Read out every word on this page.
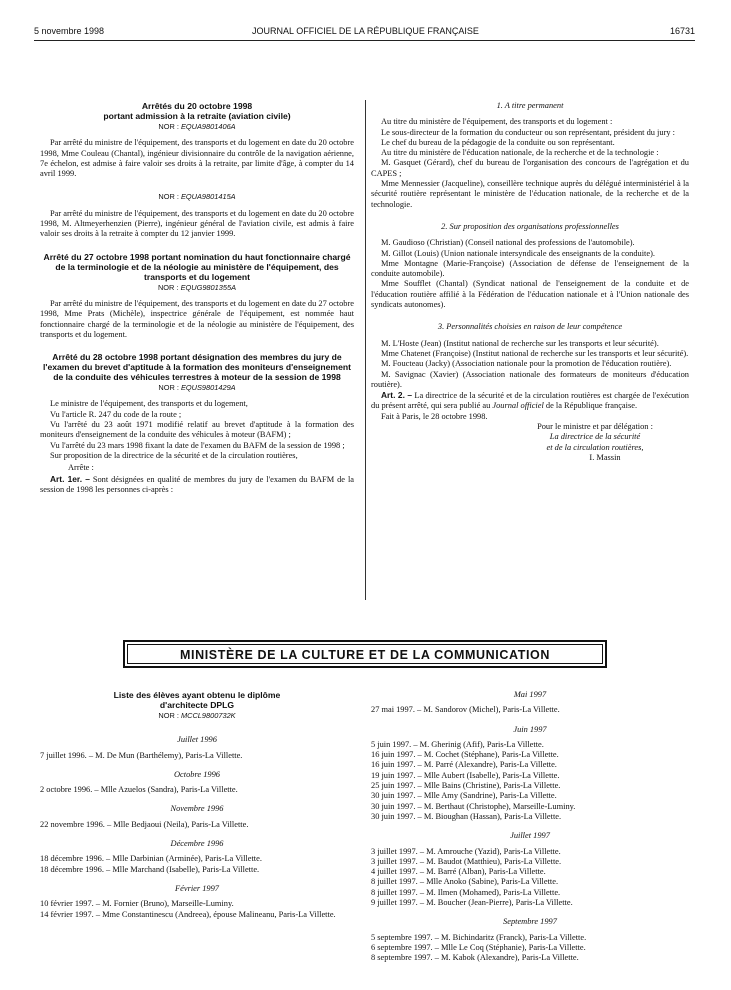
5 novembre 1998	JOURNAL OFFICIEL DE LA RÉPUBLIQUE FRANÇAISE	16731
Arrêtés du 20 octobre 1998
portant admission à la retraite (aviation civile)
NOR : EQUA9801406A

Par arrêté du ministre de l'équipement, des transports et du logement en date du 20 octobre 1998, Mme Couleau (Chantal), ingénieur divisionnaire du contrôle de la navigation aérienne, 7e échelon, est admise à faire valoir ses droits à la retraite, par limite d'âge, à compter du 14 avril 1999.

NOR : EQUA9801415A

Par arrêté du ministre de l'équipement, des transports et du logement en date du 20 octobre 1998, M. Altmeyerhenzien (Pierre), ingénieur général de l'aviation civile, est admis à faire valoir ses droits à la retraite à compter du 12 janvier 1999.

Arrêté du 27 octobre 1998 portant nomination du haut fonctionnaire chargé de la terminologie et de la néologie au ministère de l'équipement, des transports et du logement
NOR : EQUG9801355A

Par arrêté du ministre de l'équipement, des transports et du logement en date du 27 octobre 1998, Mme Prats (Michèle), inspectrice générale de l'équipement, est nommée haut fonctionnaire chargé de la terminologie et de la néologie au ministère de l'équipement, des transports et du logement.

Arrêté du 28 octobre 1998 portant désignation des membres du jury de l'examen du brevet d'aptitude à la formation des moniteurs d'enseignement de la conduite des véhicules terrestres à moteur de la session de 1998
NOR : EQUS9801429A

Le ministre de l'équipement, des transports et du logement,

Vu l'article R. 247 du code de la route ;

Vu l'arrêté du 23 août 1971 modifié relatif au brevet d'aptitude à la formation des moniteurs d'enseignement de la conduite des véhicules à moteur (BAFM) ;

Vu l'arrêté du 23 mars 1998 fixant la date de l'examen du BAFM de la session de 1998 ;

Sur proposition de la directrice de la sécurité et de la circulation routières,

Arrête :

Art. 1er. – Sont désignées en qualité de membres du jury de l'examen du BAFM de la session de 1998 les personnes ci-après :

1. A titre permanent

Au titre du ministère de l'équipement, des transports et du logement :

Le sous-directeur de la formation du conducteur ou son représentant, président du jury :

Le chef du bureau de la pédagogie de la conduite ou son représentant.

Au titre du ministère de l'éducation nationale, de la recherche et de la technologie :

M. Gasquet (Gérard), chef du bureau de l'organisation des concours de l'agrégation et du CAPES ;

Mme Mennessier (Jacqueline), conseillère technique auprès du délégué interministériel à la sécurité routière représentant le ministère de l'éducation nationale, de la recherche et de la technologie.

2. Sur proposition des organisations professionnelles

M. Gaudioso (Christian) (Conseil national des professions de l'automobile).

M. Gillot (Louis) (Union nationale intersyndicale des enseignants de la conduite).

Mme Montagne (Marie-Françoise) (Association de défense de l'enseignement de la conduite automobile).

Mme Soufflet (Chantal) (Syndicat national de l'enseignement de la conduite et de l'éducation routière affilié à la Fédération de l'éducation nationale et à l'Union nationale des syndicats autonomes).

3. Personnalités choisies en raison de leur compétence

M. L'Hoste (Jean) (Institut national de recherche sur les transports et leur sécurité).

Mme Chatenet (Françoise) (Institut national de recherche sur les transports et leur sécurité).

M. Foucteau (Jacky) (Association nationale pour la promotion de l'éducation routière).

M. Savignac (Xavier) (Association nationale des formateurs de moniteurs d'éducation routière).

Art. 2. – La directrice de la sécurité et de la circulation routières est chargée de l'exécution du présent arrêté, qui sera publié au Journal officiel de la République française.

Fait à Paris, le 28 octobre 1998.

Pour le ministre et par délégation :
La directrice de la sécurité
et de la circulation routières,
I. Massin
MINISTÈRE DE LA CULTURE ET DE LA COMMUNICATION
Liste des élèves ayant obtenu le diplôme
d'architecte DPLG
NOR : MCCL9800732K
Juillet 1996

7 juillet 1996. – M. De Mun (Barthélemy), Paris-La Villette.

Octobre 1996

2 octobre 1996. – Mlle Azuelos (Sandra), Paris-La Villette.

Novembre 1996

22 novembre 1996. – Mlle Bedjaoui (Neila), Paris-La Villette.

Décembre 1996

18 décembre 1996. – Mlle Darbinian (Arminée), Paris-La Villette.

18 décembre 1996. – Mlle Marchand (Isabelle), Paris-La Villette.

Février 1997

10 février 1997. – M. Fornier (Bruno), Marseille-Luminy.

14 février 1997. – Mme Constantinescu (Andreea), épouse Malineanu, Paris-La Villette.

Mai 1997

27 mai 1997. – M. Sandorov (Michel), Paris-La Villette.

Juin 1997

5 juin 1997. – M. Gherinig (Afif), Paris-La Villette.

16 juin 1997. – M. Cochet (Stéphane), Paris-La Villette.

16 juin 1997. – M. Parré (Alexandre), Paris-La Villette.

19 juin 1997. – Mlle Aubert (Isabelle), Paris-La Villette.

25 juin 1997. – Mlle Bains (Christine), Paris-La Villette.

30 juin 1997. – Mlle Amy (Sandrine), Paris-La Villette.

30 juin 1997. – M. Berthaut (Christophe), Marseille-Luminy.

30 juin 1997. – M. Bioughan (Hassan), Paris-La Villette.

Juillet 1997

3 juillet 1997. – M. Amrouche (Yazid), Paris-La Villette.

3 juillet 1997. – M. Baudot (Matthieu), Paris-La Villette.

4 juillet 1997. – M. Barré (Alban), Paris-La Villette.

8 juillet 1997. – Mlle Anoko (Sabine), Paris-La Villette.

8 juillet 1997. – M. Ilmen (Mohamed), Paris-La Villette.

9 juillet 1997. – M. Boucher (Jean-Pierre), Paris-La Villette.

Septembre 1997

5 septembre 1997. – M. Bichindaritz (Franck), Paris-La Villette.

6 septembre 1997. – Mlle Le Coq (Stéphanie), Paris-La Villette.

8 septembre 1997. – M. Kabok (Alexandre), Paris-La Villette.
